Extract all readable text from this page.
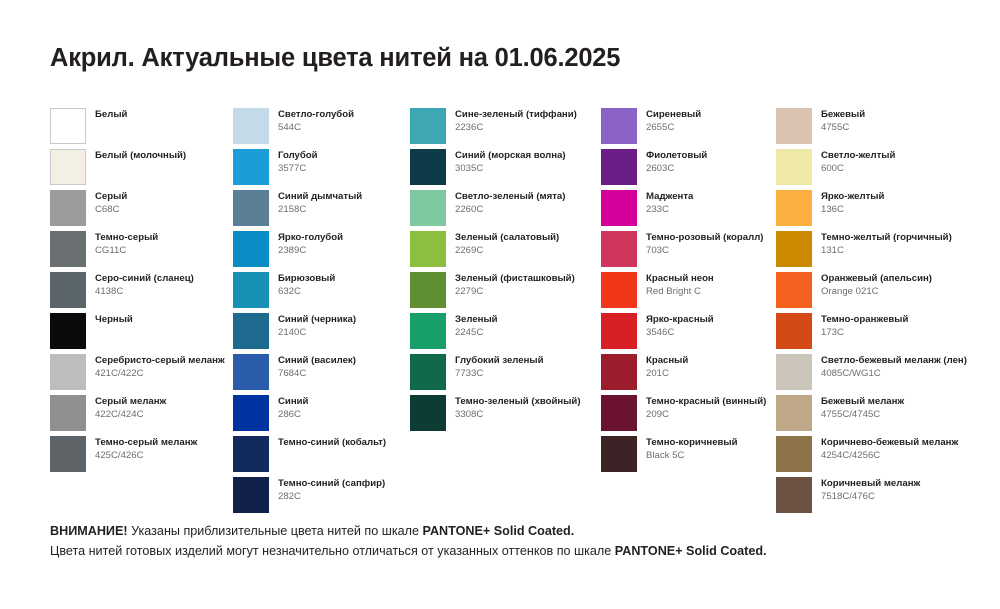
Акрил. Актуальные цвета нитей на 01.06.2025
Белый
Белый (молочный)
Серый
C68C
Темно-серый
CG11C
Серо-синий (сланец)
4138C
Черный
Серебристо-серый меланж
421C/422C
Серый меланж
422C/424C
Темно-серый меланж
425C/426C
Светло-голубой
544C
Голубой
3577C
Синий дымчатый
2158C
Ярко-голубой
2389C
Бирюзовый
632C
Синий (черника)
2140C
Синий (василек)
7684C
Синий
286C
Темно-синий (кобальт)
Темно-синий (сапфир)
282C
Сине-зеленый (тиффани)
2236C
Синий (морская волна)
3035C
Светло-зеленый (мята)
2260C
Зеленый (салатовый)
2269C
Зеленый (фисташковый)
2279C
Зеленый
2245C
Глубокий зеленый
7733C
Темно-зеленый (хвойный)
3308C
Сиреневый
2655C
Фиолетовый
2603C
Маджента
233C
Темно-розовый (коралл)
703C
Красный неон
Red Bright C
Ярко-красный
3546C
Красный
201C
Темно-красный (винный)
209C
Темно-коричневый
Black 5C
Бежевый
4755C
Светло-желтый
600C
Ярко-желтый
136C
Темно-желтый (горчичный)
131C
Оранжевый (апельсин)
Orange 021C
Темно-оранжевый
173C
Светло-бежевый меланж (лен)
4085C/WG1C
Бежевый меланж
4755C/4745C
Коричнево-бежевый меланж
4254C/4256C
Коричневый меланж
7518C/476C
ВНИМАНИЕ! Указаны приблизительные цвета нитей по шкале PANTONE+ Solid Coated.
Цвета нитей готовых изделий могут незначительно отличаться от указанных оттенков по шкале PANTONE+ Solid Coated.
